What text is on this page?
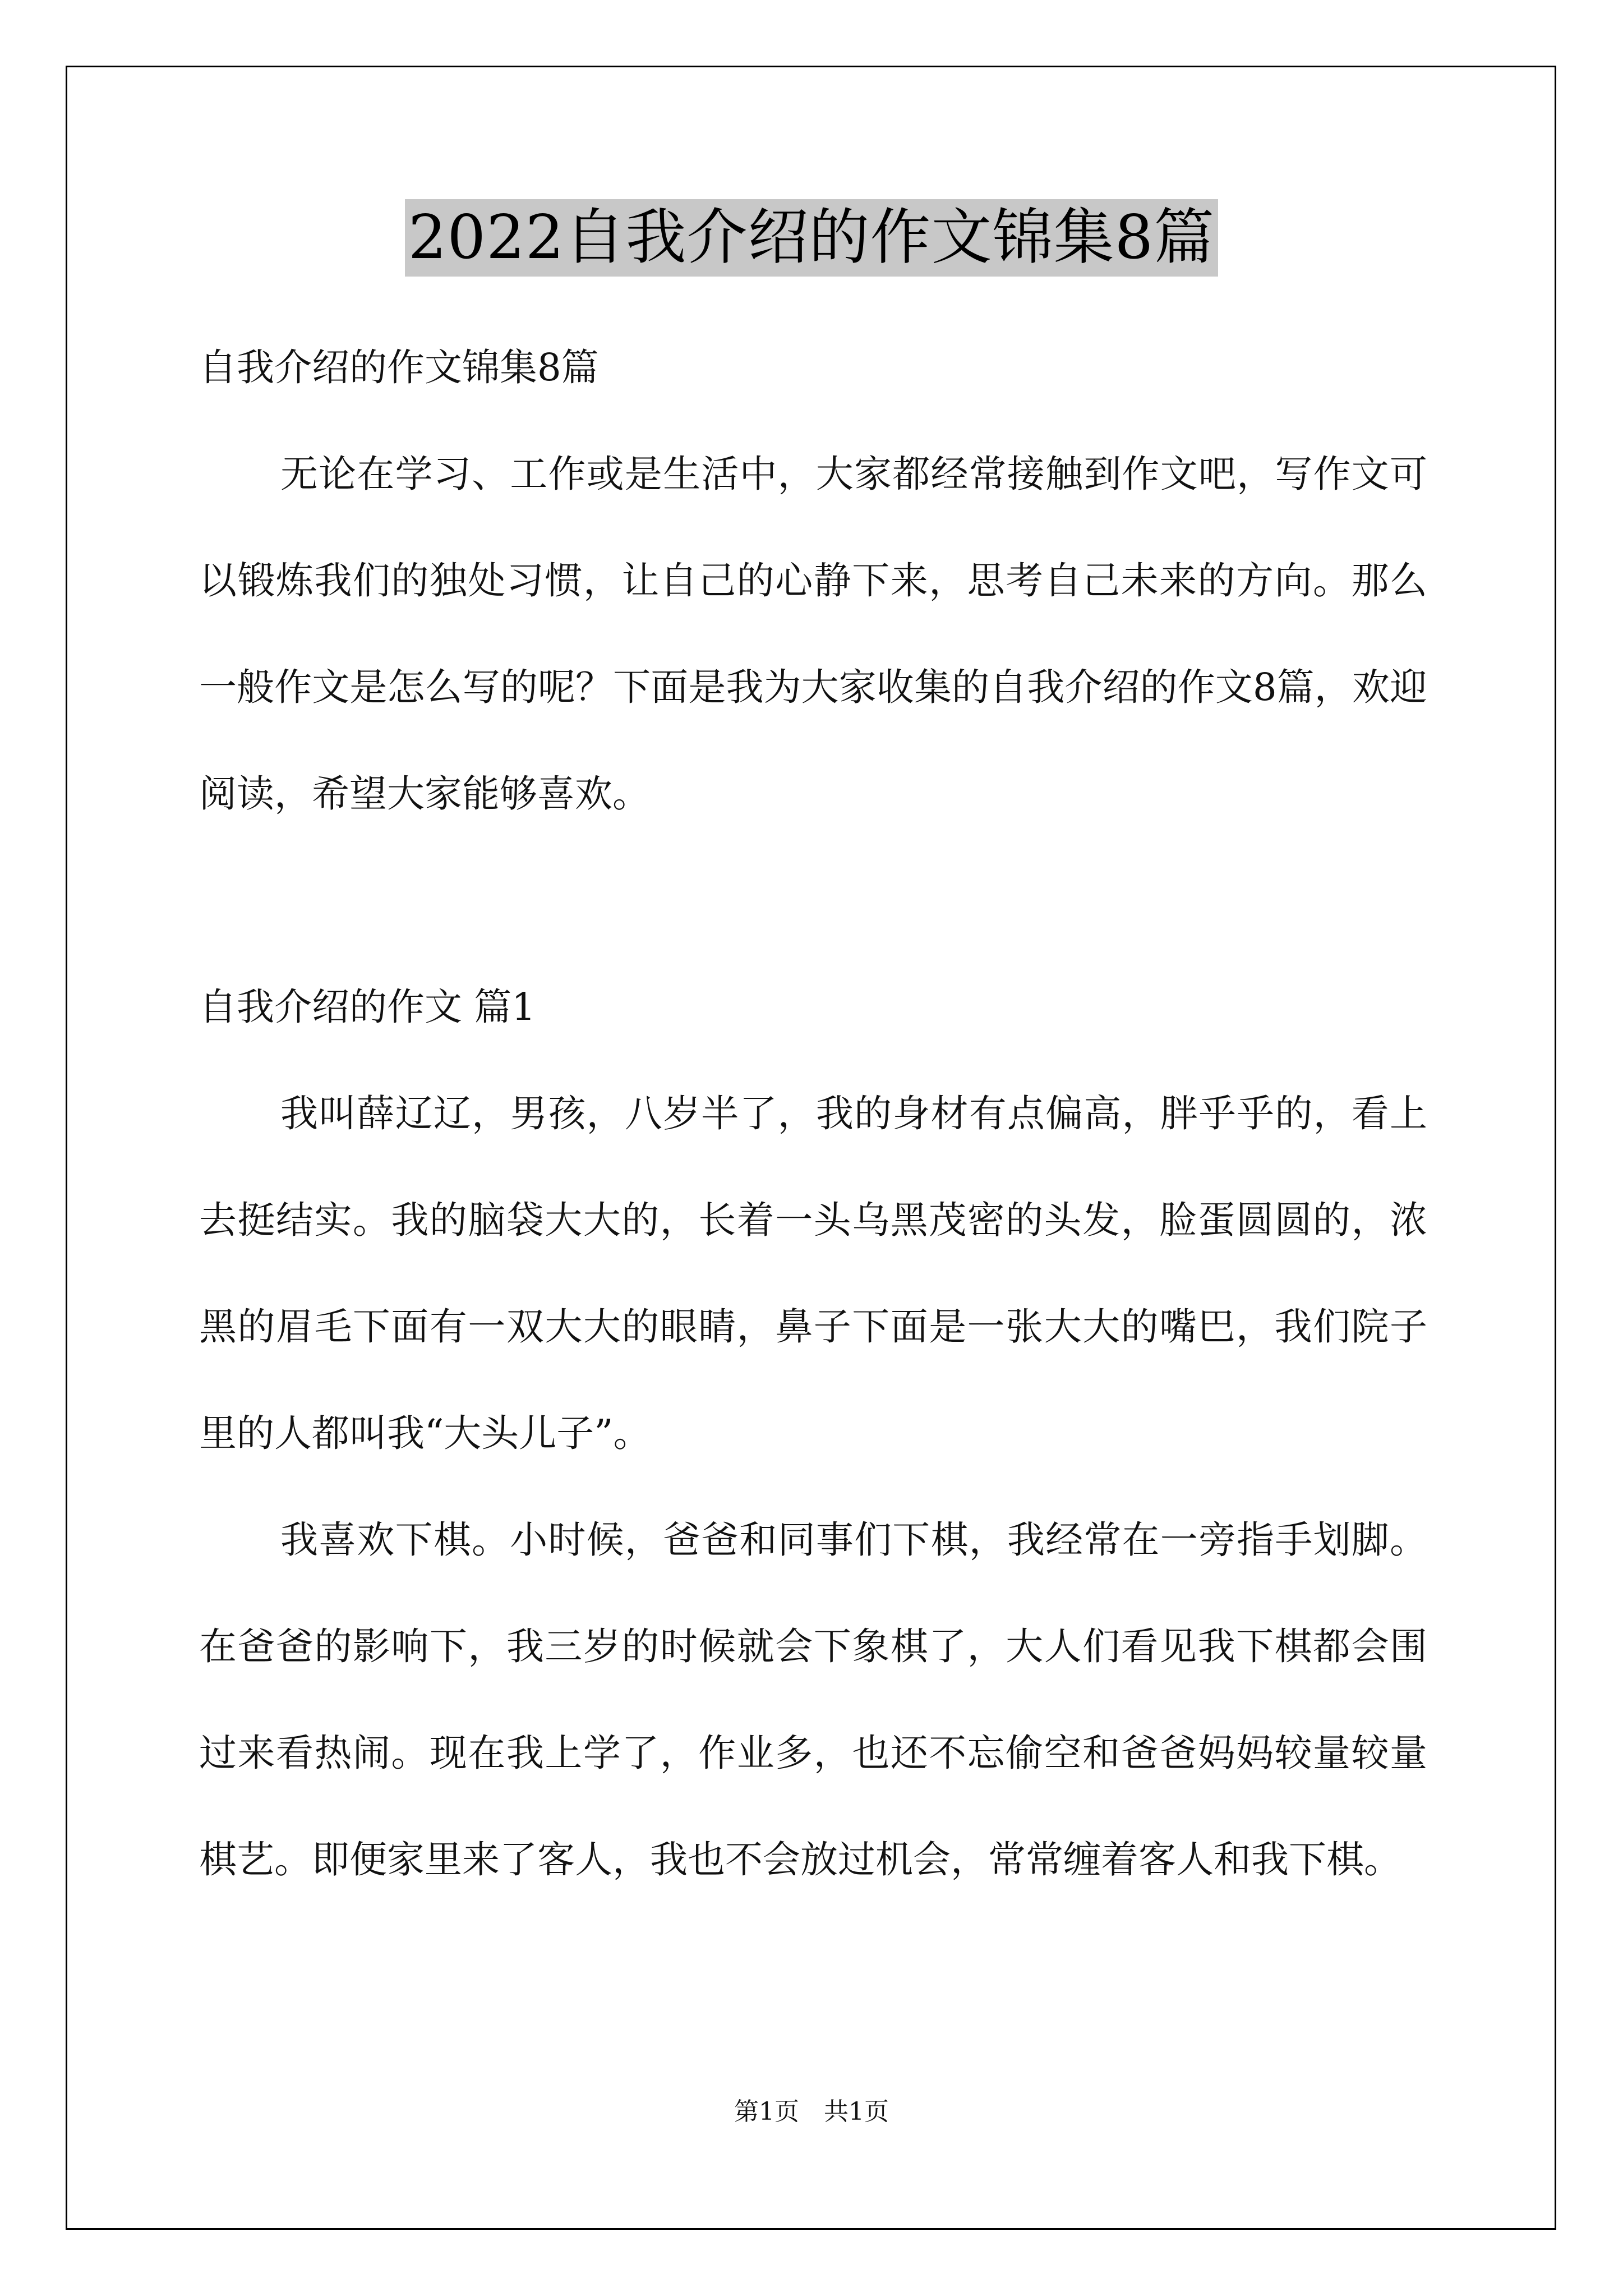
2022自我介绍的作文锦集8篇
自我介绍的作文锦集8篇

无论在学习、工作或是生活中，大家都经常接触到作文吧，写作文可以锻炼我们的独处习惯，让自己的心静下来，思考自己未来的方向。那么一般作文是怎么写的呢？下面是我为大家收集的自我介绍的作文8篇，欢迎阅读，希望大家能够喜欢。

自我介绍的作文 篇1

我叫薛辽辽，男孩，八岁半了，我的身材有点偏高，胖乎乎的，看上去挺结实。我的脑袋大大的，长着一头乌黑茂密的头发，脸蛋圆圆的，浓黑的眉毛下面有一双大大的眼睛，鼻子下面是一张大大的嘴巴，我们院子里的人都叫我“大头儿子”。

我喜欢下棋。小时候，爸爸和同事们下棋，我经常在一旁指手划脚。在爸爸的影响下，我三岁的时候就会下象棋了，大人们看见我下棋都会围过来看热闹。现在我上学了，作业多，也还不忘偷空和爸爸妈妈较量较量棋艺。即便家里来了客人，我也不会放过机会，常常缠着客人和我下棋。

第1页　共1页
